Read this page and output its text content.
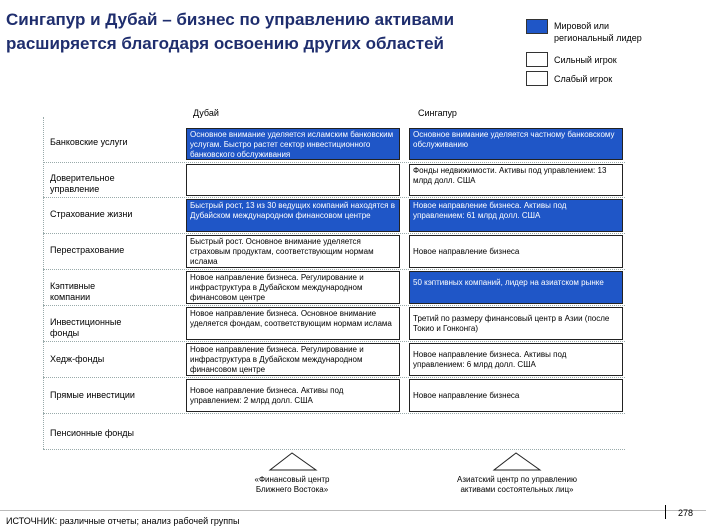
Сингапур и Дубай – бизнес по управлению активами расширяется благодаря освоению других областей
Мировой или региональный лидер
Сильный игрок
Слабый игрок
Дубай	Сингапур
Банковские услуги
Основное внимание уделяется исламским банковским услугам. Быстро растет сектор инвестиционного банковского обслуживания
Основное внимание уделяется частному банковскому обслуживанию
Доверительное управление
Фонды недвижимости. Активы под управлением: 13 млрд долл. США
Страхование жизни
Быстрый рост, 13 из 30 ведущих компаний находятся в Дубайском международном финансовом центре
Новое направление бизнеса. Активы под управлением: 61 млрд долл. США
Перестрахование
Быстрый рост. Основное внимание уделяется страховым продуктам, соответствующим нормам ислама
Новое направление бизнеса
Кэптивные компании
Новое направление бизнеса. Регулирование и инфраструктура в Дубайском международном финансовом центре
50 кэптивных компаний, лидер на азиатском рынке
Инвестиционные фонды
Новое направление бизнеса. Основное внимание уделяется фондам, соответствующим нормам ислама
Третий по размеру финансовый центр в Азии (после Токио и Гонконга)
Хедж-фонды
Новое направление бизнеса. Регулирование и инфраструктура в Дубайском международном финансовом центре
Новое направление бизнеса. Активы под управлением: 6 млрд долл. США
Прямые инвестиции	Новое направление бизнеса. Активы под управлением: 2 млрд долл. США
Новое направление бизнеса
Пенсионные фонды
«Финансовый центр Ближнего Востока»
Азиатский центр по управлению активами состоятельных лиц»
ИСТОЧНИК: различные отчеты; анализ рабочей группы
278
